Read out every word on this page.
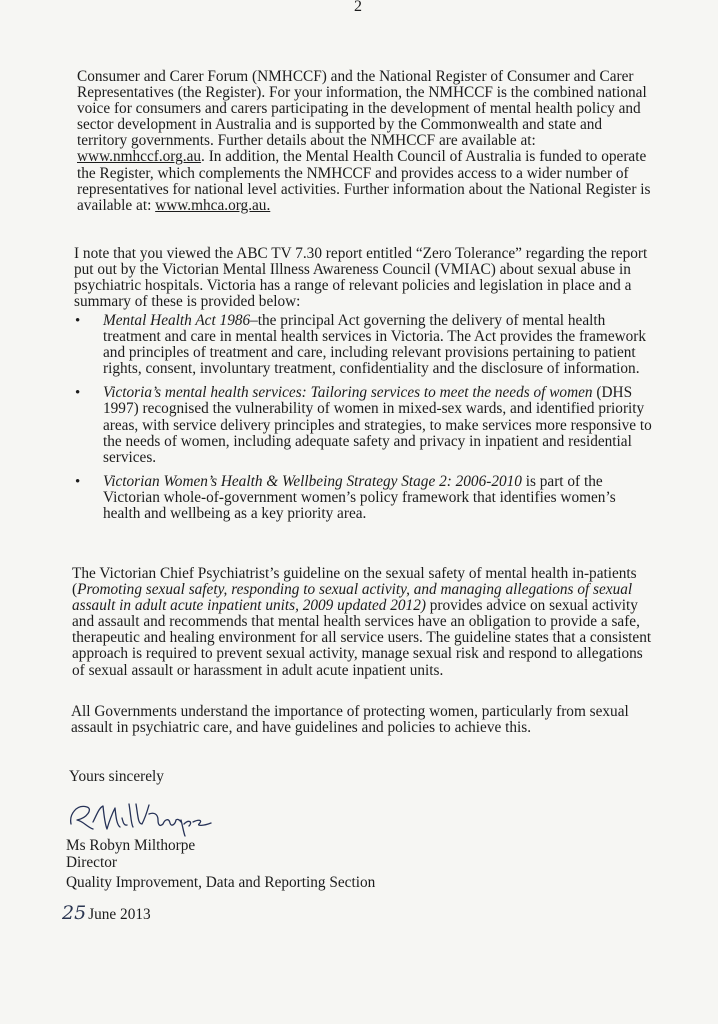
2
Consumer and Carer Forum (NMHCCF) and the National Register of Consumer and Carer Representatives (the Register). For your information, the NMHCCF is the combined national voice for consumers and carers participating in the development of mental health policy and sector development in Australia and is supported by the Commonwealth and state and territory governments. Further details about the NMHCCF are available at: www.nmhccf.org.au. In addition, the Mental Health Council of Australia is funded to operate the Register, which complements the NMHCCF and provides access to a wider number of representatives for national level activities. Further information about the National Register is available at: www.mhca.org.au.
I note that you viewed the ABC TV 7.30 report entitled “Zero Tolerance” regarding the report put out by the Victorian Mental Illness Awareness Council (VMIAC) about sexual abuse in psychiatric hospitals. Victoria has a range of relevant policies and legislation in place and a summary of these is provided below:
• Mental Health Act 1986–the principal Act governing the delivery of mental health treatment and care in mental health services in Victoria. The Act provides the framework and principles of treatment and care, including relevant provisions pertaining to patient rights, consent, involuntary treatment, confidentiality and the disclosure of information.
• Victoria’s mental health services: Tailoring services to meet the needs of women (DHS 1997) recognised the vulnerability of women in mixed-sex wards, and identified priority areas, with service delivery principles and strategies, to make services more responsive to the needs of women, including adequate safety and privacy in inpatient and residential services.
• Victorian Women’s Health & Wellbeing Strategy Stage 2: 2006-2010 is part of the Victorian whole-of-government women’s policy framework that identifies women’s health and wellbeing as a key priority area.
The Victorian Chief Psychiatrist’s guideline on the sexual safety of mental health in-patients (Promoting sexual safety, responding to sexual activity, and managing allegations of sexual assault in adult acute inpatient units, 2009 updated 2012) provides advice on sexual activity and assault and recommends that mental health services have an obligation to provide a safe, therapeutic and healing environment for all service users. The guideline states that a consistent approach is required to prevent sexual activity, manage sexual risk and respond to allegations of sexual assault or harassment in adult acute inpatient units.
All Governments understand the importance of protecting women, particularly from sexual assault in psychiatric care, and have guidelines and policies to achieve this.
Yours sincerely
Ms Robyn Milthorpe
Director
Quality Improvement, Data and Reporting Section
25 June 2013
